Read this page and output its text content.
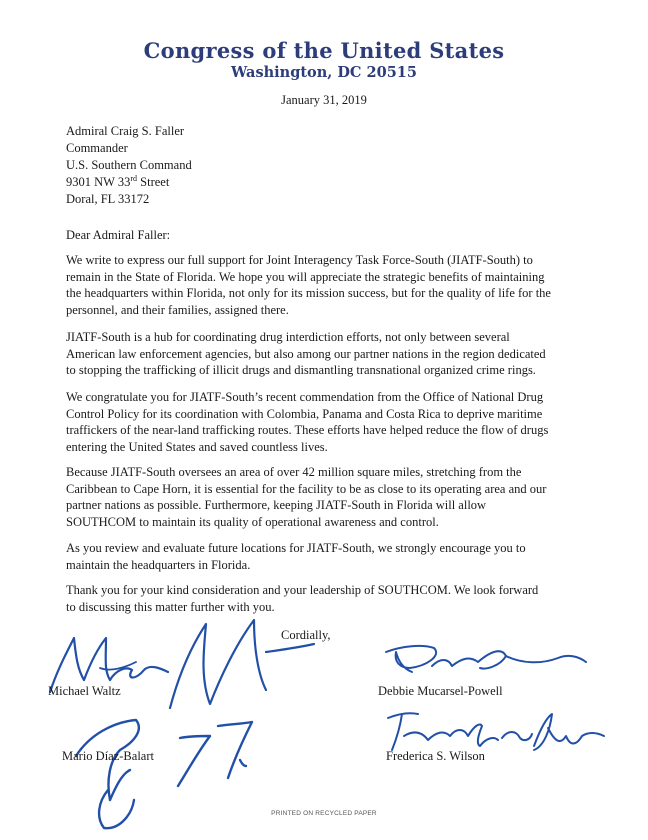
Congress of the United States
Washington, DC 20515
January 31, 2019
Admiral Craig S. Faller
Commander
U.S. Southern Command
9301 NW 33rd Street
Doral, FL 33172
Dear Admiral Faller:
We write to express our full support for Joint Interagency Task Force-South (JIATF-South) to
remain in the State of Florida. We hope you will appreciate the strategic benefits of maintaining
the headquarters within Florida, not only for its mission success, but for the quality of life for the
personnel, and their families, assigned there.
JIATF-South is a hub for coordinating drug interdiction efforts, not only between several
American law enforcement agencies, but also among our partner nations in the region dedicated
to stopping the trafficking of illicit drugs and dismantling transnational organized crime rings.
We congratulate you for JIATF-South’s recent commendation from the Office of National Drug
Control Policy for its coordination with Colombia, Panama and Costa Rica to deprive maritime
traffickers of the near-land trafficking routes. These efforts have helped reduce the flow of drugs
entering the United States and saved countless lives.
Because JIATF-South oversees an area of over 42 million square miles, stretching from the
Caribbean to Cape Horn, it is essential for the facility to be as close to its operating area and our
partner nations as possible. Furthermore, keeping JIATF-South in Florida will allow
SOUTHCOM to maintain its quality of operational awareness and control.
As you review and evaluate future locations for JIATF-South, we strongly encourage you to
maintain the headquarters in Florida.
Thank you for your kind consideration and your leadership of SOUTHCOM. We look forward
to discussing this matter further with you.
Cordially,
Michael Waltz	Debbie Mucarsel-Powell
Mario Díaz-Balart	Frederica S. Wilson
PRINTED ON RECYCLED PAPER
